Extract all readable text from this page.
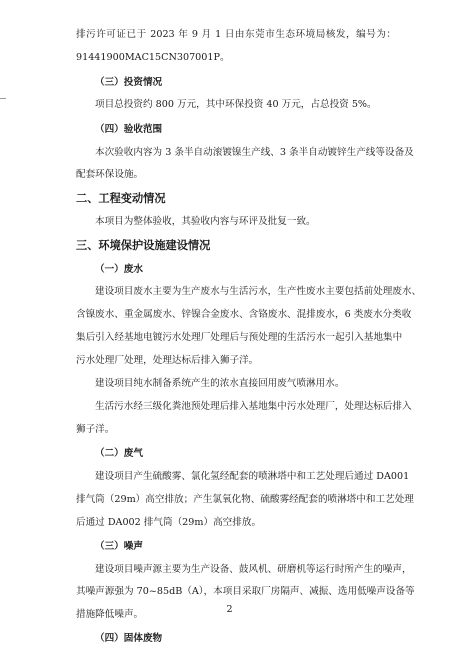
排污许可证已于 2023 年 9 月 1 日由东莞市生态环境局核发，编号为：
91441900MAC15CN307001P。
（三）投资情况
项目总投资约 800 万元，其中环保投资 40 万元，占总投资 5%。
（四）验收范围
本次验收内容为 3 条半自动滚镀镍生产线、3 条半自动镀锌生产线等设备及
配套环保设施。
二、工程变动情况
本项目为整体验收，其验收内容与环评及批复一致。
三、环境保护设施建设情况
（一）废水
建设项目废水主要为生产废水与生活污水，生产性废水主要包括前处理废水、
含镍废水、重金属废水、锌镍合金废水、含铬废水、混排废水，6 类废水分类收
集后引入经基地电镀污水处理厂处理后与预处理的生活污水一起引入基地集中
污水处理厂处理，处理达标后排入狮子洋。
建设项目纯水制备系统产生的浓水直接回用废气喷淋用水。
生活污水经三级化粪池预处理后排入基地集中污水处理厂，处理达标后排入
狮子洋。
（二）废气
建设项目产生硫酸雾、氯化氢经配套的喷淋塔中和工艺处理后通过 DA001
排气筒（29m）高空排放；产生氯氧化物、硫酸雾经配套的喷淋塔中和工艺处理
后通过 DA002 排气筒（29m）高空排放。
（三）噪声
建设项目噪声源主要为生产设备、鼓风机、研磨机等运行时所产生的噪声，
其噪声源强为 70~85dB（A），本项目采取厂房隔声、减振、选用低噪声设备等
措施降低噪声。
（四）固体废物
2
